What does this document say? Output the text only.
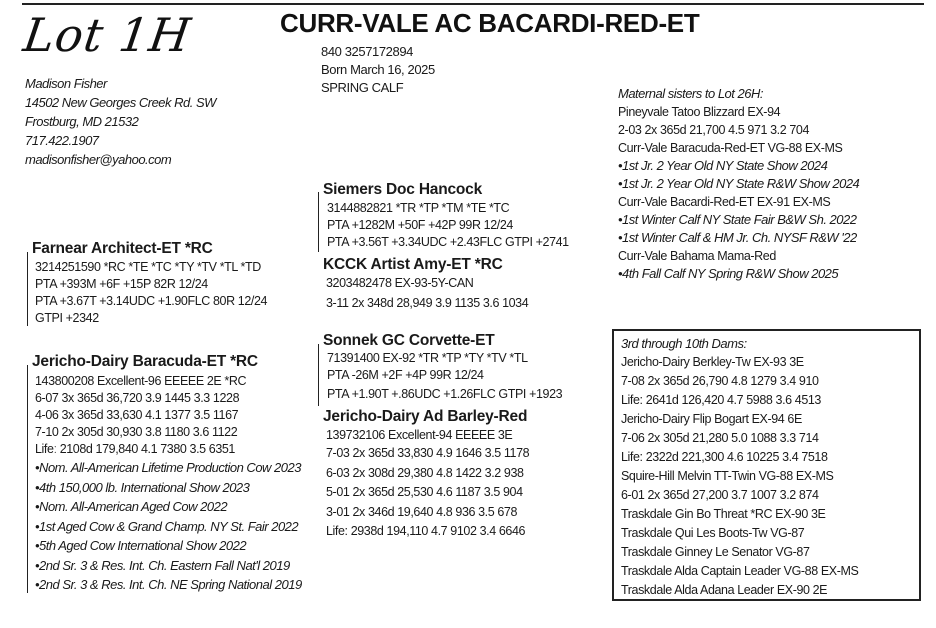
Lot 1H	CURR-VALE AC BACARDI-RED-ET
840 3257172894
Born March 16, 2025
SPRING CALF
Madison Fisher
14502 New Georges Creek Rd. SW
Frostburg, MD 21532
717.422.1907
madisonfisher@yahoo.com
Farnear Architect-ET *RC
3214251590 *RC *TE *TC *TY *TV *TL *TD
PTA +393M +6F +15P 82R 12/24
PTA +3.67T +3.14UDC +1.90FLC 80R 12/24
GTPI +2342
Jericho-Dairy Baracuda-ET *RC
143800208 Excellent-96 EEEEE 2E *RC
6-07 3x 365d 36,720 3.9 1445 3.3 1228
4-06 3x 365d 33,630 4.1 1377 3.5 1167
7-10 2x 305d 30,930 3.8 1180 3.6 1122
Lifeː 2108d 179,840 4.1 7380 3.5 6351
•Nom. All-American Lifetime Production Cow 2023
•4th 150,000 lb. International Show 2023
•Nom. All-American Aged Cow 2022
•1st Aged Cow & Grand Champ. NY St. Fair 2022
•5th Aged Cow International Show 2022
•2nd Sr. 3 & Res. Int. Ch. Eastern Fall Nat'l 2019
•2nd Sr. 3 & Res. Int. Ch. NE Spring National 2019
Siemers Doc Hancock
3144882821 *TR *TP *TM *TE *TC
PTA +1282M +50F +42P 99R 12/24
PTA +3.56T +3.34UDC +2.43FLC GTPI +2741
KCCK Artist Amy-ET *RC
3203482478 EX-93-5Y-CAN
3-11 2x 348d 28,949 3.9 1135 3.6 1034
Sonnek GC Corvette-ET
71391400 EX-92 *TR *TP *TY *TV *TL
PTA -26M +2F +4P 99R 12/24
PTA +1.90T +.86UDC +1.26FLC GTPI +1923
Jericho-Dairy Ad Barley-Red
139732106 Excellent-94 EEEEE 3E
7-03 2x 365d 33,830 4.9 1646 3.5 1178
6-03 2x 308d 29,380 4.8 1422 3.2 938
5-01 2x 365d 25,530 4.6 1187 3.5 904
3-01 2x 346d 19,640 4.8 936 3.5 678
Life: 2938d 194,110 4.7 9102 3.4 6646
Maternal sisters to Lot 26H:
Pineyvale Tatoo Blizzard EX-94
2-03 2x 365d 21,700 4.5 971 3.2 704
Curr-Vale Baracuda-Red-ET VG-88 EX-MS
•1st Jr. 2 Year Old NY State Show 2024
•1st Jr. 2 Year Old NY State R&W Show 2024
Curr-Vale Bacardi-Red-ET EX-91 EX-MS
•1st Winter Calf NY State Fair B&W Sh. 2022
•1st Winter Calf & HM Jr. Ch. NYSF R&W '22
Curr-Vale Bahama Mama-Red
•4th Fall Calf NY Spring R&W Show 2025
3rd through 10th Dams:
Jericho-Dairy Berkley-Tw EX-93 3E
7-08 2x 365d 26,790 4.8 1279 3.4 910
Life: 2641d 126,420 4.7 5988 3.6 4513
Jericho-Dairy Flip Bogart EX-94 6E
7-06 2x 305d 21,280 5.0 1088 3.3 714
Life: 2322d 221,300 4.6 10225 3.4 7518
Squire-Hill Melvin TT-Twin VG-88 EX-MS
6-01 2x 365d 27,200 3.7 1007 3.2 874
Traskdale Gin Bo Threat *RC EX-90 3E
Traskdale Qui Les Boots-Tw VG-87
Traskdale Ginney Le Senator VG-87
Traskdale Alda Captain Leader VG-88 EX-MS
Traskdale Alda Adana Leader EX-90 2E
